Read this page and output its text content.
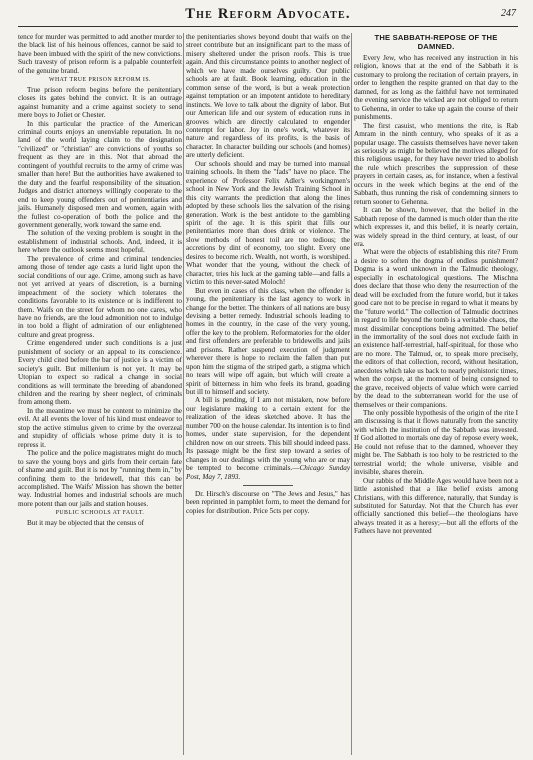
The Reform Advocate.	247

tence for murder was permitted to add another murder to the black list of his heinous offences, cannot be said to have been imbued with the spirit of the new convictions. Such travesty of prison reform is a palpable counterfeit of the genuine brand.

WHAT TRUE PRISON REFORM IS.

True prison reform begins before the penitentiary closes its gates behind the convict. It is an outrage against humanity and a crime against society to send mere boys to Joliet or Chester.

In this particular the practice of the American criminal courts enjoys an unenviable reputation. In no land of the world laying claim to the designation "civilized" or "christian" are convictions of youths so frequent as they are in this. Not that abroad the contingent of youthful recruits to the army of crime was smaller than here! But the authorities have awakened to the duty and the fearful responsibility of the situation. Judges and district attorneys willingly cooperate to the end to keep young offenders out of penitentiaries and jails. Humanely disposed men and women, again with the fullest co-operation of both the police and the government generally, work toward the same end.

The solution of the vexing problem is sought in the establishment of industrial schools. And, indeed, it is here where the outlook seems most hopeful.

The prevalence of crime and criminal tendencies among those of tender age casts a lurid light upon the social conditions of our age. Crime, among such as have not yet arrived at years of discretion, is a burning impeachment of the society which tolerates the conditions favorable to its existence or is indifferent to them. Waifs on the street for whom no one cares, who have no friends, are the loud admonition not to indulge in too bold a flight of admiration of our enlightened culture and great progress.

Crime engendered under such conditions is a just punishment of society or an appeal to its conscience. Every child cited before the bar of justice is a victim of society's guilt. But millenium is not yet. It may be Utopian to expect so radical a change in social conditions as will terminate the breeding of abandoned children and the rearing by sheer neglect, of criminals from among them.

In the meantime we must be content to minimize the evil. At all events the lover of his kind must endeavor to stop the active stimulus given to crime by the overzeal and stupidity of officials whose prime duty it is to repress it.

The police and the police magistrates might do much to save the young boys and girls from their certain fate of shame and guilt. But it is not by "running them in," by confining them to the bridewell, that this can be accomplished. The Waifs' Mission has shown the better way. Industrial homes and industrial schools are much more potent than our jails and station houses.

PUBLIC SCHOOLS AT FAULT.

But it may be objected that the census of

the penitentiaries shows beyond doubt that waifs on the street contribute but an insignificant part to the mass of misery sheltered under the prison roofs. This is true again. And this circumstance points to another neglect of which we have made ourselves guilty. Our public schools are at fault. Book learning, education in the common sense of the word, is but a weak protection against temptation or an impotent antidote to hereditary instincts. We love to talk about the dignity of labor. But our American life and our system of education runs in grooves which are directly calculated to engender contempt for labor. Joy in one's work, whatever its nature and regardless of its profits, is the basis of character. In character building our schools (and homes) are utterly deficient.

Our schools should and may be turned into manual training schools. In them the "fads" have no place. The experience of Professor Felix Adler's workingmen's school in New York and the Jewish Training School in this city warrants the prediction that along the lines adopted by these schools lies the salvation of the rising generation. Work is the best antidote to the gambling spirit of the age. It is this spirit that fills our penitentiaries more than does drink or violence. The slow methods of honest toil are too tedious; the accretions by dint of economy, too slight. Every one desires to become rich. Wealth, not worth, is worshiped. What wonder that the young, without the check of character, tries his luck at the gaming table—and falls a victim to this never-sated Moloch!

But even in cases of this class, when the offender is young, the penitentiary is the last agency to work in change for the better. The thinkers of all nations are busy devising a better remedy. Industrial schools leading to homes in the country, in the case of the very young, offer the key to the problem. Reformatories for the older and first offenders are preferable to bridewells and jails and prisons. Rather suspend execution of judgment wherever there is hope to reclaim the fallen than put upon him the stigma of the striped garb, a stigma which no tears will wipe off again, but which will create a spirit of bitterness in him who feels its brand, goading but ill to himself and society.

A bill is pending, if I am not mistaken, now before our legislature making to a certain extent for the realization of the ideas sketched above. It has the number 700 on the house calendar. Its intention is to find homes, under state supervision, for the dependent children now on our streets. This bill should indeed pass. Its passage might be the first step toward a series of changes in our dealings with the young who are or may be tempted to become criminals.—Chicago Sunday Post, May 7, 1893.

Dr. Hirsch's discourse on "The Jews and Jesus," has been reprinted in pamphlet form, to meet the demand for copies for distribution. Price 5cts per copy.

THE SABBATH-REPOSE OF THE
DAMNED.

Every Jew, who has received any instruction in his religion, knows that at the end of the Sabbath it is customary to prolong the recitation of certain prayers, in order to lengthen the respite granted on that day to the damned, for as long as the faithful have not terminated the evening service the wicked are not obliged to return to Gehenna, in order to take up again the course of their punishments.

The first casuist, who mentions the rite, is Rab Amram in the ninth century, who speaks of it as a popular usage. The casuists themselves have never taken as seriously as might be believed the motives alleged for this religious usage, for they have never tried to abolish the rule which prescribes the suppression of these prayers in certain cases, as, for instance, when a festival occurs in the week which begins at the end of the Sabbath, thus running the risk of condemning sinners to return sooner to Gehenna.

It can be shown, however, that the belief in the Sabbath repose of the damned is much older than the rite which expresses it, and this belief, it is nearly certain, was widely spread in the third century, at least, of our era.

What were the objects of establishing this rite? From a desire to soften the dogma of endless punishment? Dogma is a word unknown in the Talmudic theology, especially in eschatological questions. The Mischna does declare that those who deny the resurrection of the dead will be excluded from the future world, but it takes good care not to be precise in regard to what it means by the "future world." The collection of Talmudic doctrines in regard to life beyond the tomb is a veritable chaos, the most dissimilar conceptions being admitted. The belief in the immortality of the soul does not exclude faith in an existence half-terrestrial, half-spiritual, for those who are no more. The Talmud, or, to speak more precisely, the editors of that collection, record, without hesitation, anecdotes which take us back to nearly prehistoric times, when the corpse, at the moment of being consigned to the grave, received objects of value which were carried by the dead to the subterranean world for the use of themselves or their companions.

The only possible hypothesis of the origin of the rite I am discussing is that it flows naturally from the sanctity with which the institution of the Sabbath was invested. If God allotted to mortals one day of repose every week, He could not refuse that to the damned, whoever they might be. The Sabbath is too holy to be restricted to the terrestrial world; the whole universe, visible and invisible, shares therein.

Our rabbis of the Middle Ages would have been not a little astonished that a like belief exists among Christians, with this difference, naturally, that Sunday is substituted for Saturday. Not that the Church has ever officially sanctioned this belief—the theologians have always treated it as a heresy;—but all the efforts of the Fathers have not prevented
